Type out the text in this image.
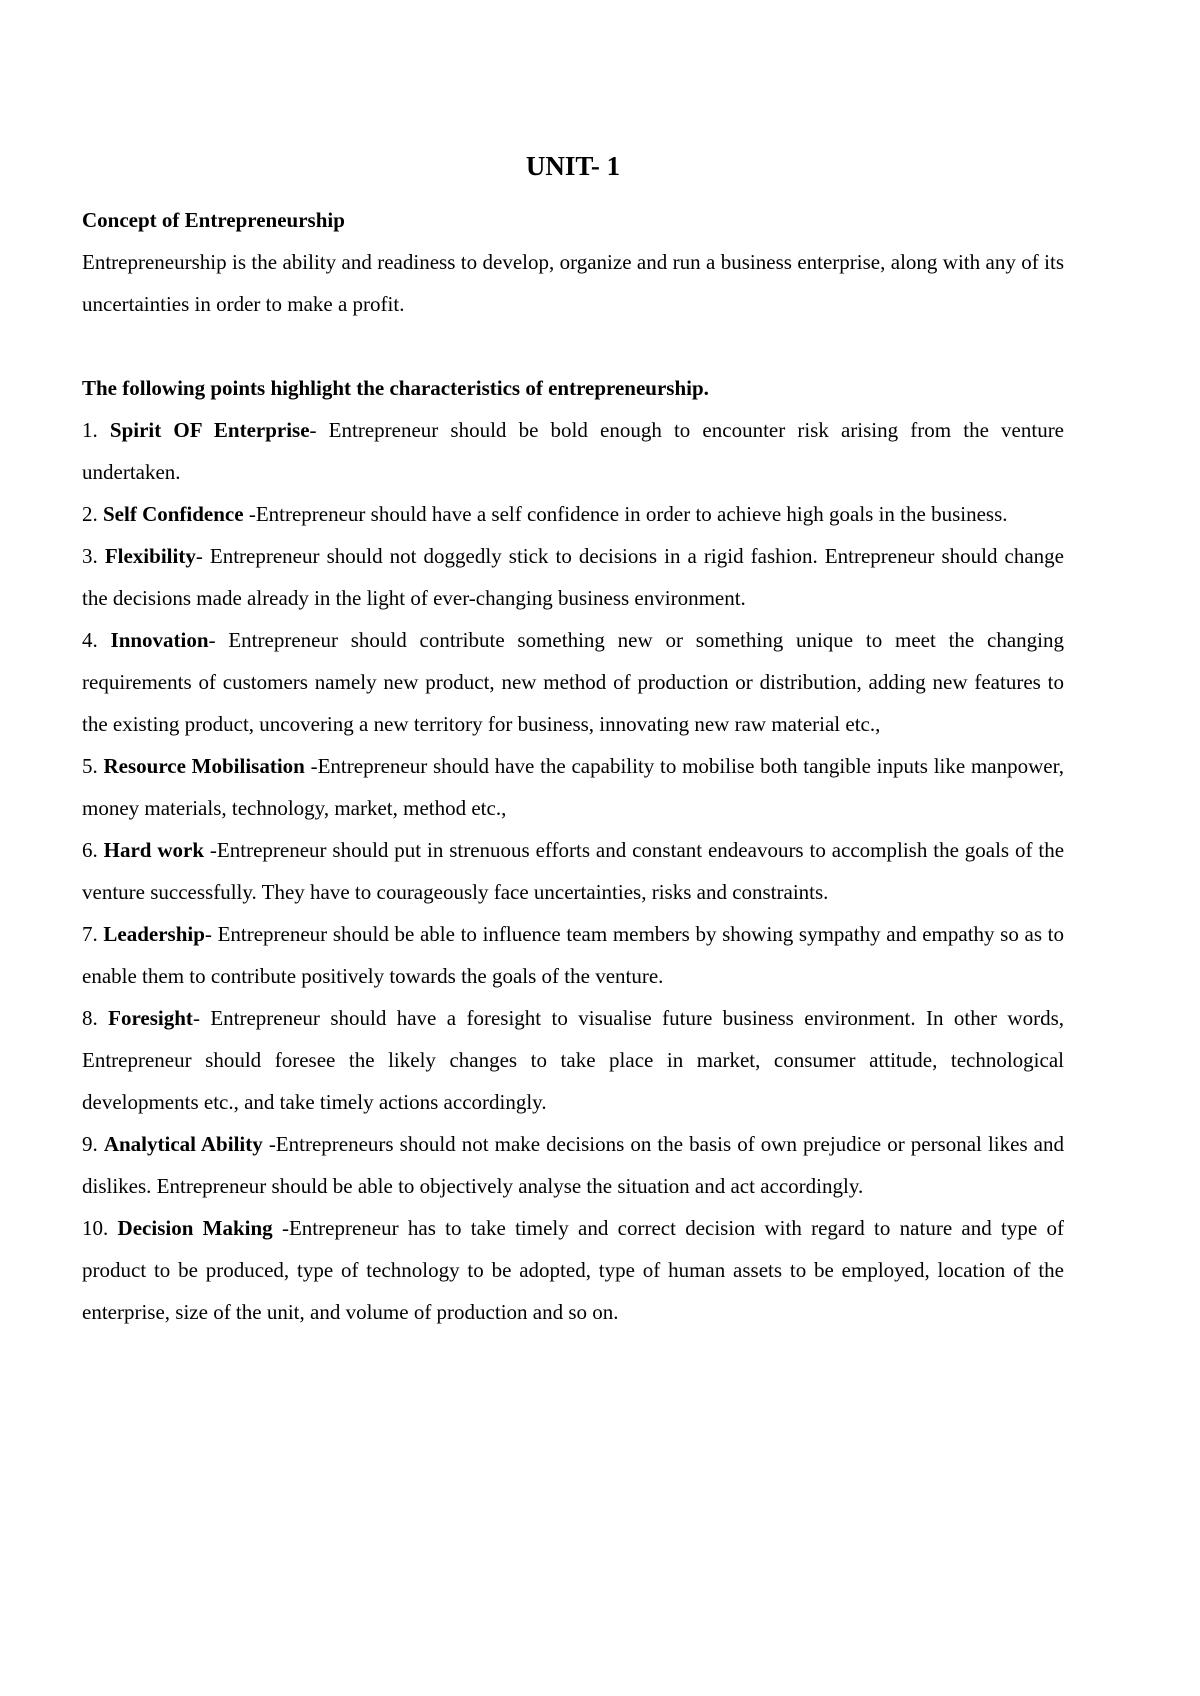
UNIT- 1

Concept of Entrepreneurship

Entrepreneurship is the ability and readiness to develop, organize and run a business enterprise, along with any of its uncertainties in order to make a profit.

The following points highlight the characteristics of entrepreneurship.

1. Spirit OF Enterprise- Entrepreneur should be bold enough to encounter risk arising from the venture undertaken.

2. Self Confidence -Entrepreneur should have a self confidence in order to achieve high goals in the business.

3. Flexibility- Entrepreneur should not doggedly stick to decisions in a rigid fashion. Entrepreneur should change the decisions made already in the light of ever-changing business environment.

4. Innovation- Entrepreneur should contribute something new or something unique to meet the changing requirements of customers namely new product, new method of production or distribution, adding new features to the existing product, uncovering a new territory for business, innovating new raw material etc.,

5. Resource Mobilisation -Entrepreneur should have the capability to mobilise both tangible inputs like manpower, money materials, technology, market, method etc.,

6. Hard work -Entrepreneur should put in strenuous efforts and constant endeavours to accomplish the goals of the venture successfully. They have to courageously face uncertainties, risks and constraints.

7. Leadership- Entrepreneur should be able to influence team members by showing sympathy and empathy so as to enable them to contribute positively towards the goals of the venture.

8. Foresight- Entrepreneur should have a foresight to visualise future business environment. In other words, Entrepreneur should foresee the likely changes to take place in market, consumer attitude, technological developments etc., and take timely actions accordingly.

9. Analytical Ability -Entrepreneurs should not make decisions on the basis of own prejudice or personal likes and dislikes. Entrepreneur should be able to objectively analyse the situation and act accordingly.

10. Decision Making -Entrepreneur has to take timely and correct decision with regard to nature and type of product to be produced, type of technology to be adopted, type of human assets to be employed, location of the enterprise, size of the unit, and volume of production and so on.
